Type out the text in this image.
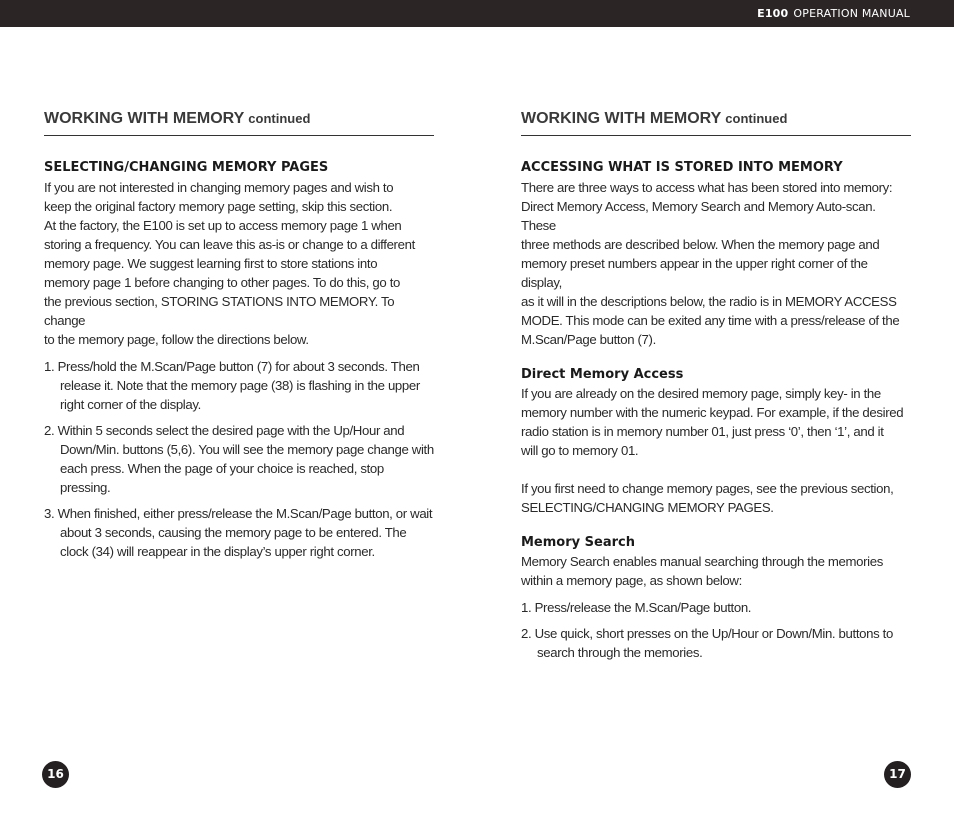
E100 OPERATION MANUAL
WORKING WITH MEMORY continued
SELECTING/CHANGING MEMORY PAGES

If you are not interested in changing memory pages and wish to
keep the original factory memory page setting, skip this section.
At the factory, the E100 is set up to access memory page 1 when
storing a frequency. You can leave this as-is or change to a different
memory page. We suggest learning first to store stations into
memory page 1 before changing to other pages. To do this, go to
the previous section, STORING STATIONS INTO MEMORY. To change
to the memory page, follow the directions below.

1. Press/hold the M.Scan/Page button (7) for about 3 seconds. Then release it. Note that the memory page (38) is flashing in the upper right corner of the display.
2. Within 5 seconds select the desired page with the Up/Hour and Down/Min. buttons (5,6). You will see the memory page change with each press. When the page of your choice is reached, stop pressing.
3. When finished, either press/release the M.Scan/Page button, or wait about 3 seconds, causing the memory page to be entered. The clock (34) will reappear in the display’s upper right corner.
WORKING WITH MEMORY continued
ACCESSING WHAT IS STORED INTO MEMORY

There are three ways to access what has been stored into memory:
Direct Memory Access, Memory Search and Memory Auto-scan. These
three methods are described below. When the memory page and
memory preset numbers appear in the upper right corner of the display,
as it will in the descriptions below, the radio is in MEMORY ACCESS
MODE. This mode can be exited any time with a press/release of the
M.Scan/Page button (7).

Direct Memory Access

If you are already on the desired memory page, simply key- in the
memory number with the numeric keypad. For example, if the desired
radio station is in memory number 01, just press ‘0’, then ‘1’, and it
will go to memory 01.

If you first need to change memory pages, see the previous section,
SELECTING/CHANGING MEMORY PAGES.

Memory Search

Memory Search enables manual searching through the memories
within a memory page, as shown below:

1. Press/release the M.Scan/Page button.
2. Use quick, short presses on the Up/Hour or Down/Min. buttons to search through the memories.
16	17
